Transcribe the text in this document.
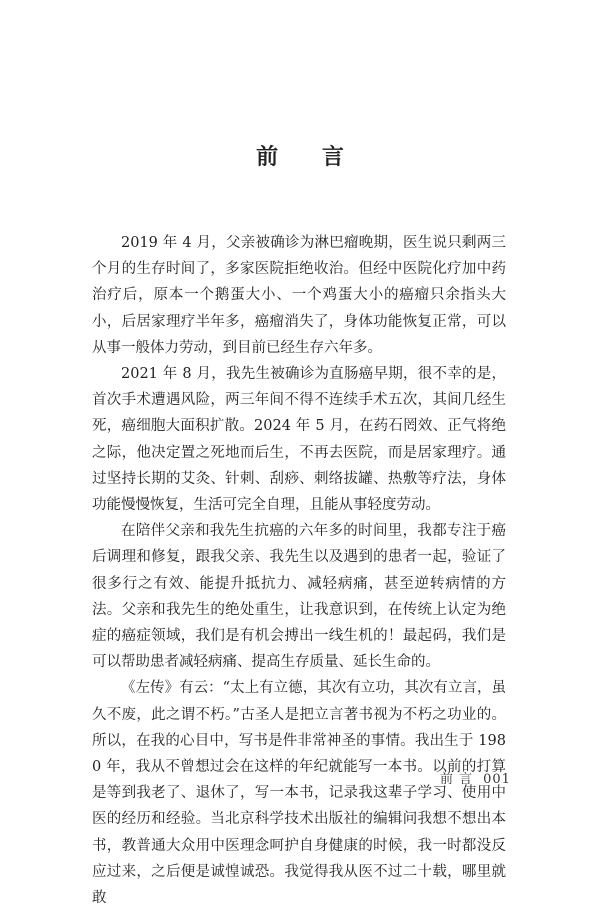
前 言

2019 年 4 月，父亲被确诊为淋巴瘤晚期，医生说只剩两三个月的生存时间了，多家医院拒绝收治。但经中医院化疗加中药治疗后，原本一个鹅蛋大小、一个鸡蛋大小的癌瘤只余指头大小，后居家理疗半年多，癌瘤消失了，身体功能恢复正常，可以从事一般体力劳动，到目前已经生存六年多。

2021 年 8 月，我先生被确诊为直肠癌早期，很不幸的是，首次手术遭遇风险，两三年间不得不连续手术五次，其间几经生死，癌细胞大面积扩散。2024 年 5 月，在药石罔效、正气将绝之际，他决定置之死地而后生，不再去医院，而是居家理疗。通过坚持长期的艾灸、针刺、刮痧、刺络拔罐、热敷等疗法，身体功能慢慢恢复，生活可完全自理，且能从事轻度劳动。

在陪伴父亲和我先生抗癌的六年多的时间里，我都专注于癌后调理和修复，跟我父亲、我先生以及遇到的患者一起，验证了很多行之有效、能提升抵抗力、减轻病痛，甚至逆转病情的方法。父亲和我先生的绝处重生，让我意识到，在传统上认定为绝症的癌症领域，我们是有机会搏出一线生机的！最起码，我们是可以帮助患者减轻病痛、提高生存质量、延长生命的。

《左传》有云：“太上有立德，其次有立功，其次有立言，虽久不废，此之谓不朽。”古圣人是把立言著书视为不朽之功业的。所以，在我的心目中，写书是件非常神圣的事情。我出生于 1980 年，我从不曾想过会在这样的年纪就能写一本书。以前的打算是等到我老了、退休了，写一本书，记录我这辈子学习、使用中医的经历和经验。当北京科学技术出版社的编辑问我想不想出本书，教普通大众用中医理念呵护自身健康的时候，我一时都没反应过来，之后便是诚惶诚恐。我觉得我从医不过二十载，哪里就敢

前 言 001
